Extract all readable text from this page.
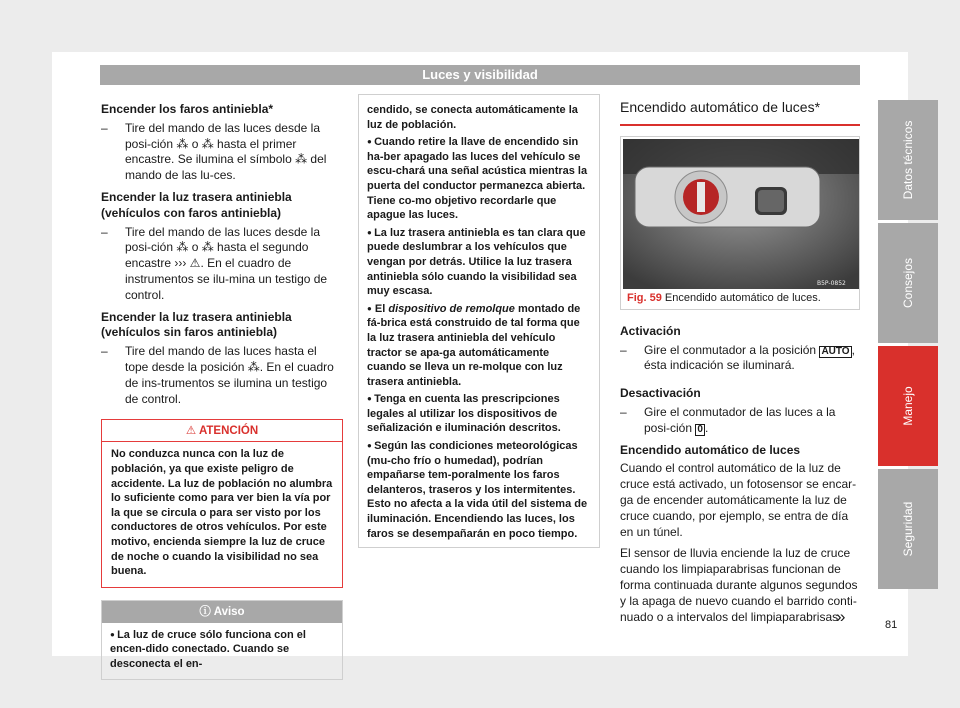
Luces y visibilidad
Encender los faros antiniebla*
– Tire del mando de las luces desde la posi-ción ⁂ o ⁂ hasta el primer encastre. Se ilumina el símbolo ⁂ del mando de las lu-ces.
Encender la luz trasera antiniebla (vehículos con faros antiniebla)
– Tire del mando de las luces desde la posi-ción ⁂ o ⁂ hasta el segundo encastre ››› ⚠. En el cuadro de instrumentos se ilu-mina un testigo de control.
Encender la luz trasera antiniebla (vehículos sin faros antiniebla)
– Tire del mando de las luces hasta el tope desde la posición ⁂. En el cuadro de ins-trumentos se ilumina un testigo de control.
⚠ ATENCIÓN
No conduzca nunca con la luz de población, ya que existe peligro de accidente. La luz de población no alumbra lo suficiente como para ver bien la vía por la que se circula o para ser visto por los conductores de otros vehículos. Por este motivo, encienda siempre la luz de cruce de noche o cuando la visibilidad no sea buena.
ⓘ Aviso
● La luz de cruce sólo funciona con el encen-dido conectado. Cuando se desconecta el en-
cendido, se conecta automáticamente la luz de población.
● Cuando retire la llave de encendido sin ha-ber apagado las luces del vehículo se escu-chará una señal acústica mientras la puerta del conductor permanezca abierta. Tiene co-mo objetivo recordarle que apague las luces.
● La luz trasera antiniebla es tan clara que puede deslumbrar a los vehículos que vengan por detrás. Utilice la luz trasera antiniebla sólo cuando la visibilidad sea muy escasa.
● El dispositivo de remolque montado de fá-brica está construido de tal forma que la luz trasera antiniebla del vehículo tractor se apa-ga automáticamente cuando se lleva un re-molque con luz trasera antiniebla.
● Tenga en cuenta las prescripciones legales al utilizar los dispositivos de señalización e iluminación descritos.
● Según las condiciones meteorológicas (mu-cho frío o humedad), podrían empañarse tem-poralmente los faros delanteros, traseros y los intermitentes. Esto no afecta a la vida útil del sistema de iluminación. Encendiendo las luces, los faros se desempañarán en poco tiempo.
Encendido automático de luces*
B5P-0852
Fig. 59 Encendido automático de luces.
Activación
– Gire el conmutador a la posición AUTO , ésta indicación se iluminará.
Desactivación
– Gire el conmutador de las luces a la posi-ción 0 .
Encendido automático de luces
Cuando el control automático de la luz de cruce está activado, un fotosensor se encar-ga de encender automáticamente la luz de cruce cuando, por ejemplo, se entra de día en un túnel.
El sensor de lluvia enciende la luz de cruce cuando los limpiaparabrisas funcionan de forma continuada durante algunos segundos y la apaga de nuevo cuando el barrido conti-nuado o a intervalos del limpiaparabrisas
»
Datos técnicos
Consejos
Manejo
Seguridad
81
